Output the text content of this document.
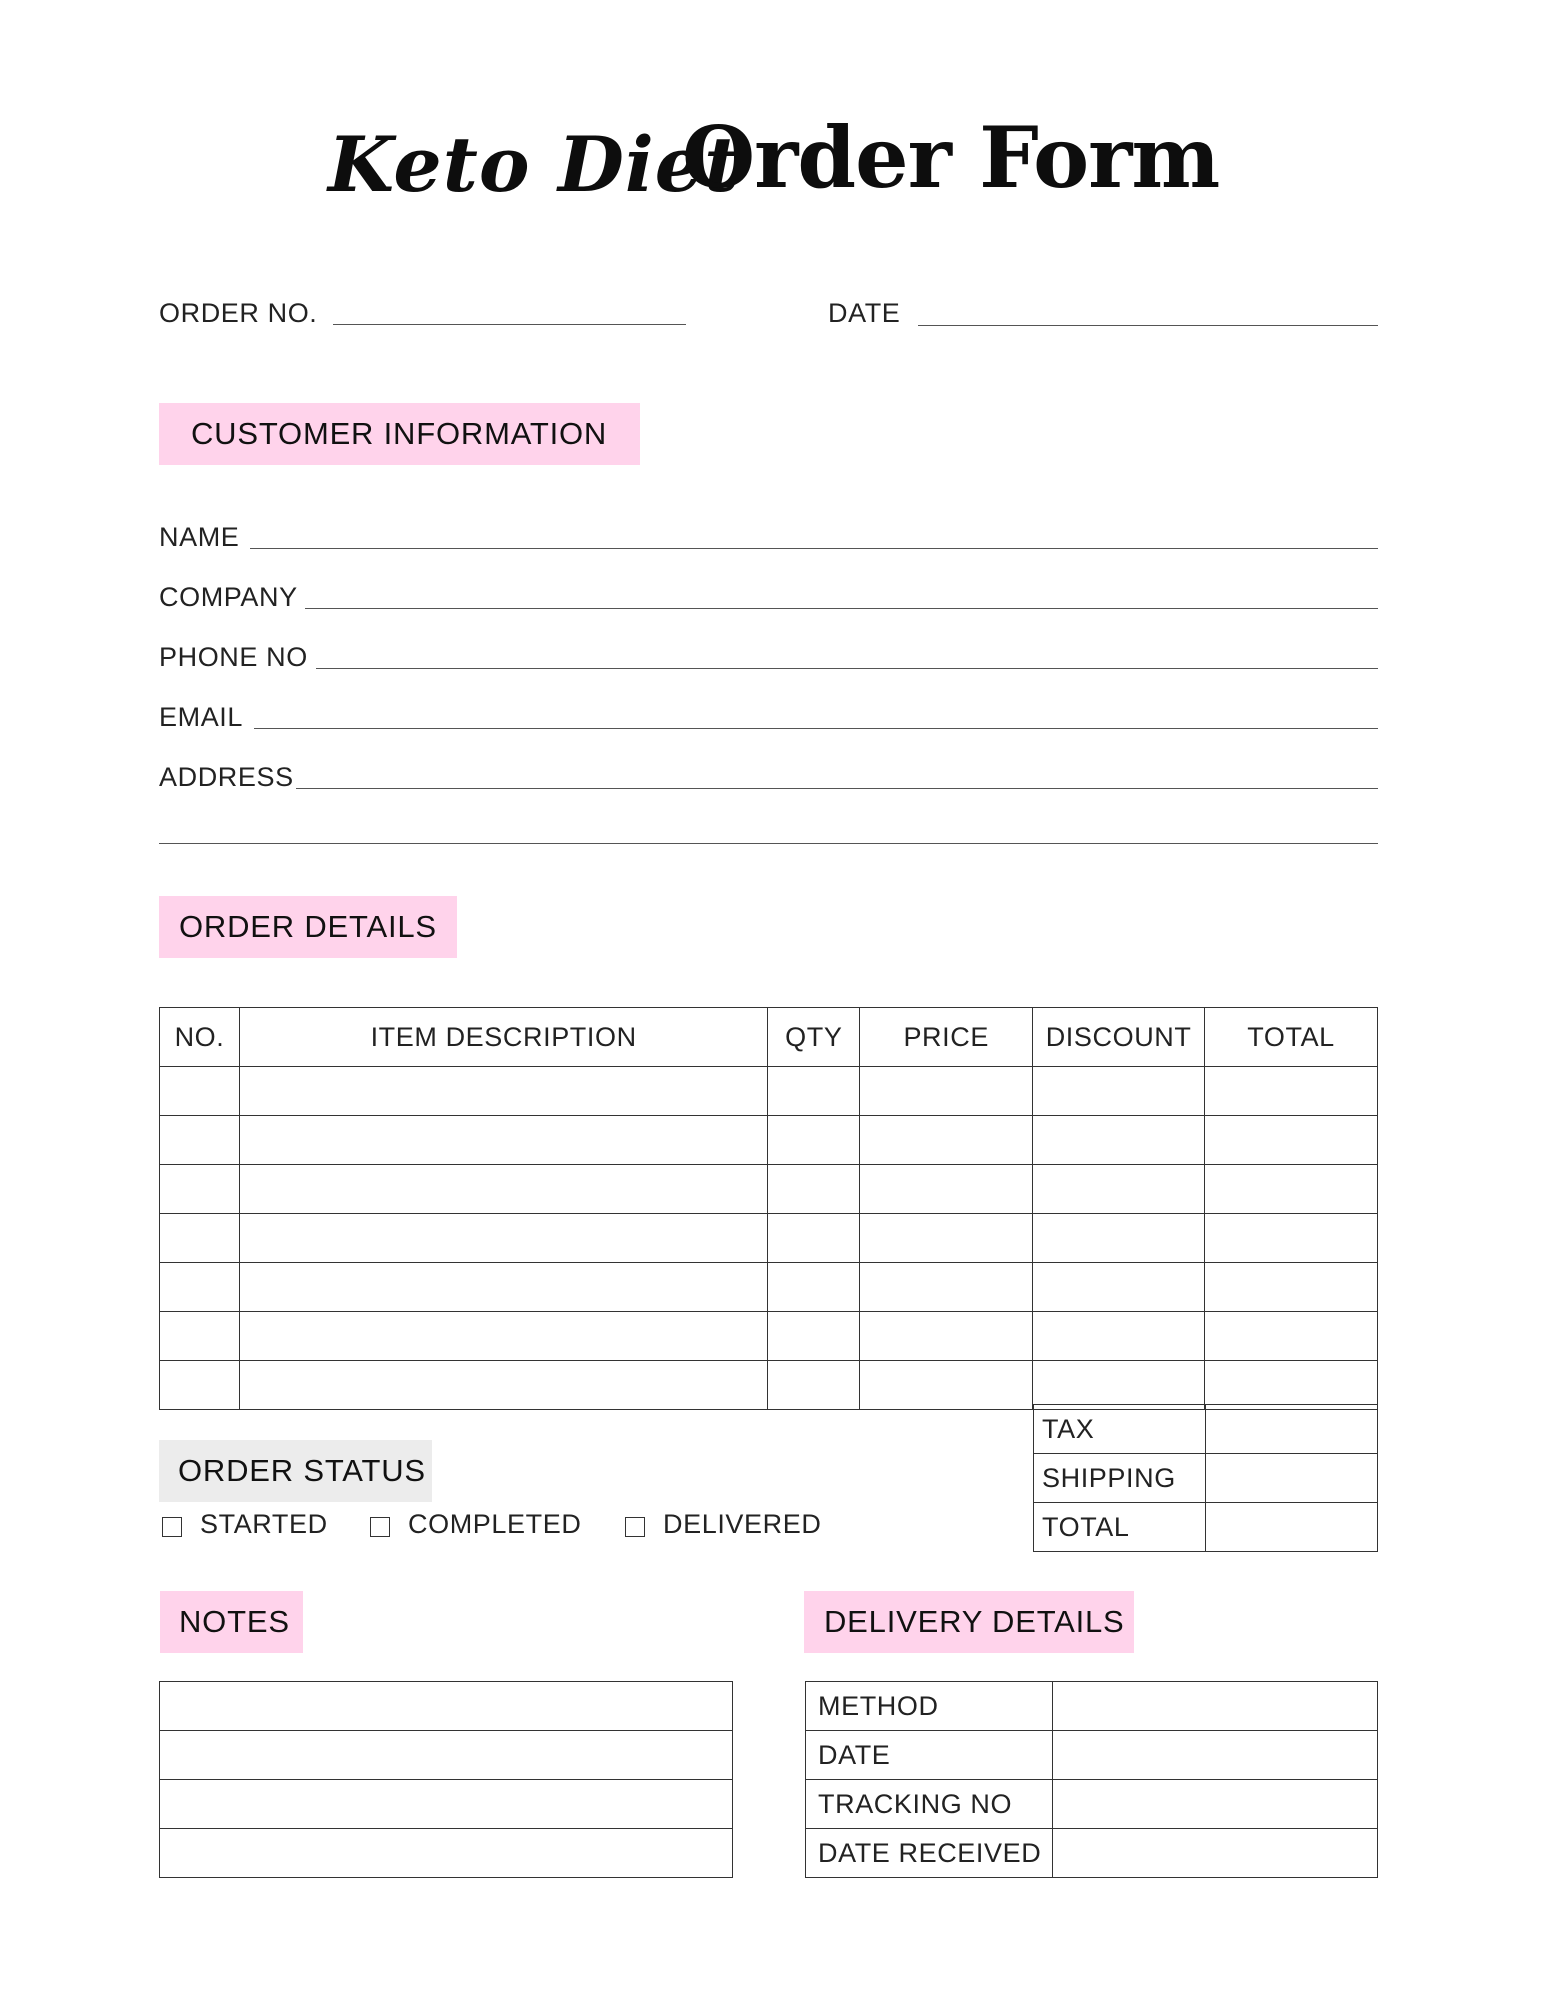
Keto Diet
Order Form
ORDER NO.	DATE
CUSTOMER INFORMATION
NAME
COMPANY
PHONE NO
EMAIL
ADDRESS
ORDER DETAILS
NO.	ITEM DESCRIPTION	QTY	PRICE	DISCOUNT	TOTAL

TAX	
SHIPPING	
TOTAL	
ORDER STATUS
STARTED	COMPLETED	DELIVERED
NOTES	DELIVERY DETAILS
METHOD	
DATE	
TRACKING NO	
DATE RECEIVED	
